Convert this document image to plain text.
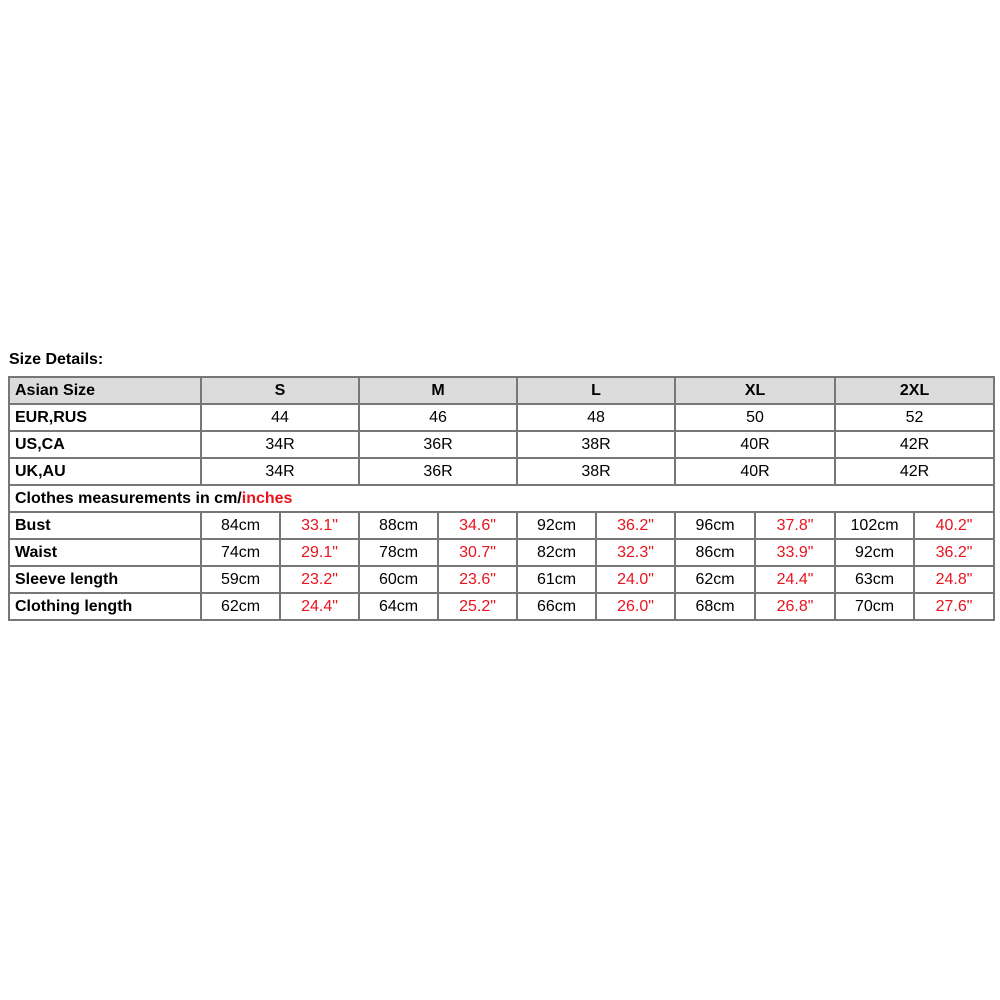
Size Details:
Asian Size	S		M		L		XL		2XL	
EUR,RUS	44		46		48		50		52	
US,CA	34R		36R		38R		40R		42R	
UK,AU	34R		36R		38R		40R		42R	
Clothes measurements in cm/inches										
Bust	84cm	33.1"	88cm	34.6"	92cm	36.2"	96cm	37.8"	102cm	40.2"
Waist	74cm	29.1"	78cm	30.7"	82cm	32.3"	86cm	33.9"	92cm	36.2"
Sleeve length	59cm	23.2"	60cm	23.6"	61cm	24.0"	62cm	24.4"	63cm	24.8"
Clothing length	62cm	24.4"	64cm	25.2"	66cm	26.0"	68cm	26.8"	70cm	27.6"
